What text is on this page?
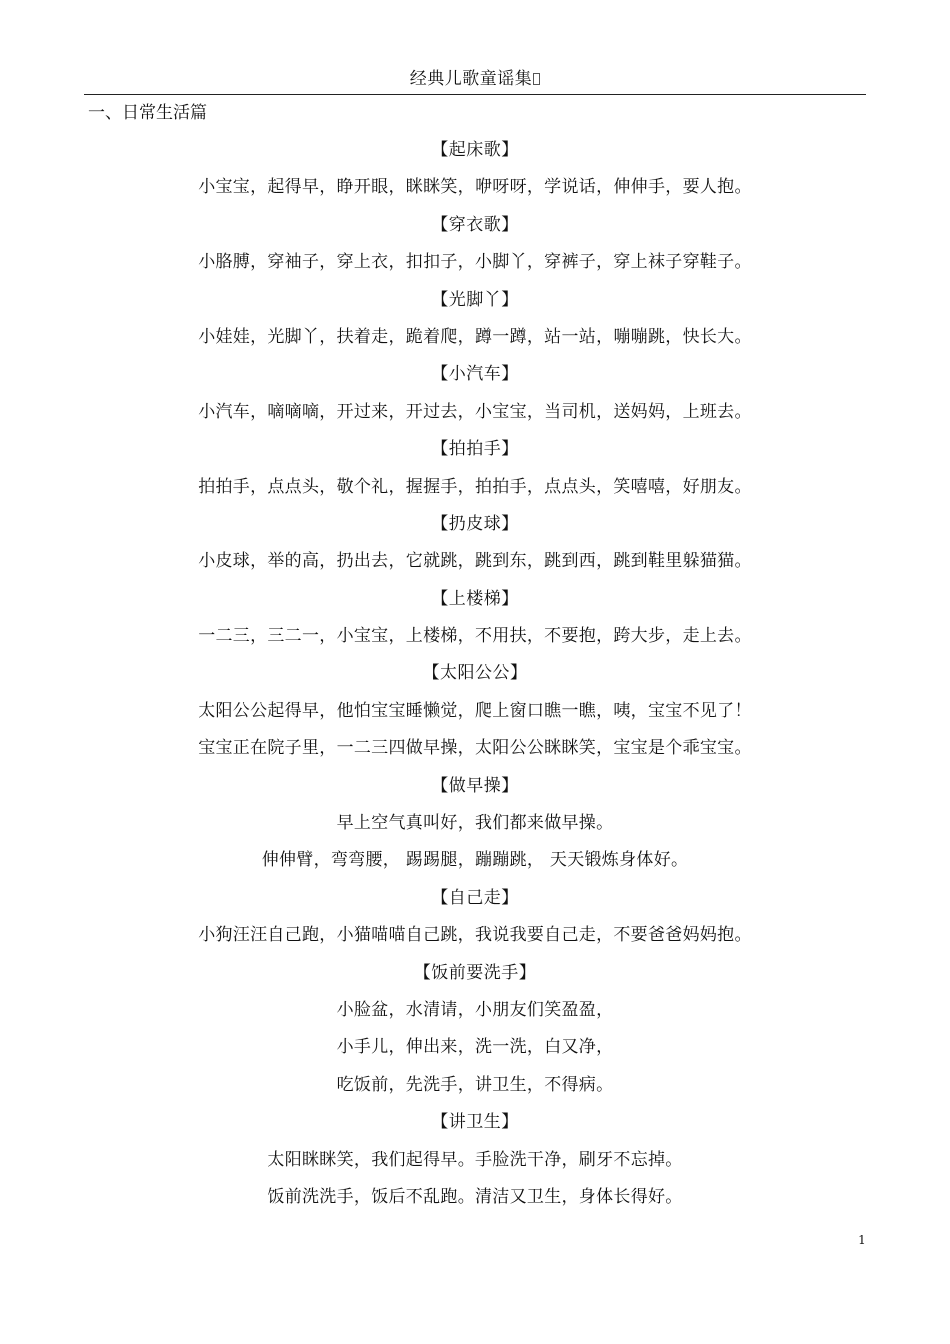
经典儿歌童谣集
一、日常生活篇
【起床歌】
小宝宝，起得早，睁开眼，眯眯笑，咿呀呀，学说话，伸伸手，要人抱。
【穿衣歌】
小胳膊，穿袖子，穿上衣，扣扣子，小脚丫，穿裤子，穿上袜子穿鞋子。
【光脚丫】
小娃娃，光脚丫，扶着走，跪着爬，蹲一蹲，站一站，嘣嘣跳，快长大。
【小汽车】
小汽车，嘀嘀嘀，开过来，开过去，小宝宝，当司机，送妈妈，上班去。
【拍拍手】
拍拍手，点点头，敬个礼，握握手，拍拍手，点点头，笑嘻嘻，好朋友。
【扔皮球】
小皮球，举的高，扔出去，它就跳，跳到东，跳到西，跳到鞋里躲猫猫。
【上楼梯】
一二三，三二一，小宝宝，上楼梯，不用扶，不要抱，跨大步，走上去。
【太阳公公】
太阳公公起得早，他怕宝宝睡懒觉，爬上窗口瞧一瞧，咦，宝宝不见了！
宝宝正在院子里，一二三四做早操，太阳公公眯眯笑，宝宝是个乖宝宝。
【做早操】
早上空气真叫好，我们都来做早操。
伸伸臂，弯弯腰， 踢踢腿，蹦蹦跳， 天天锻炼身体好。
【自己走】
小狗汪汪自己跑，小猫喵喵自己跳，我说我要自己走，不要爸爸妈妈抱。
【饭前要洗手】
小脸盆，水清请，小朋友们笑盈盈，
小手儿，伸出来，洗一洗，白又净，
吃饭前，先洗手，讲卫生，不得病。
【讲卫生】
太阳眯眯笑，我们起得早。手脸洗干净，刷牙不忘掉。
饭前洗洗手，饭后不乱跑。清洁又卫生，身体长得好。
1
